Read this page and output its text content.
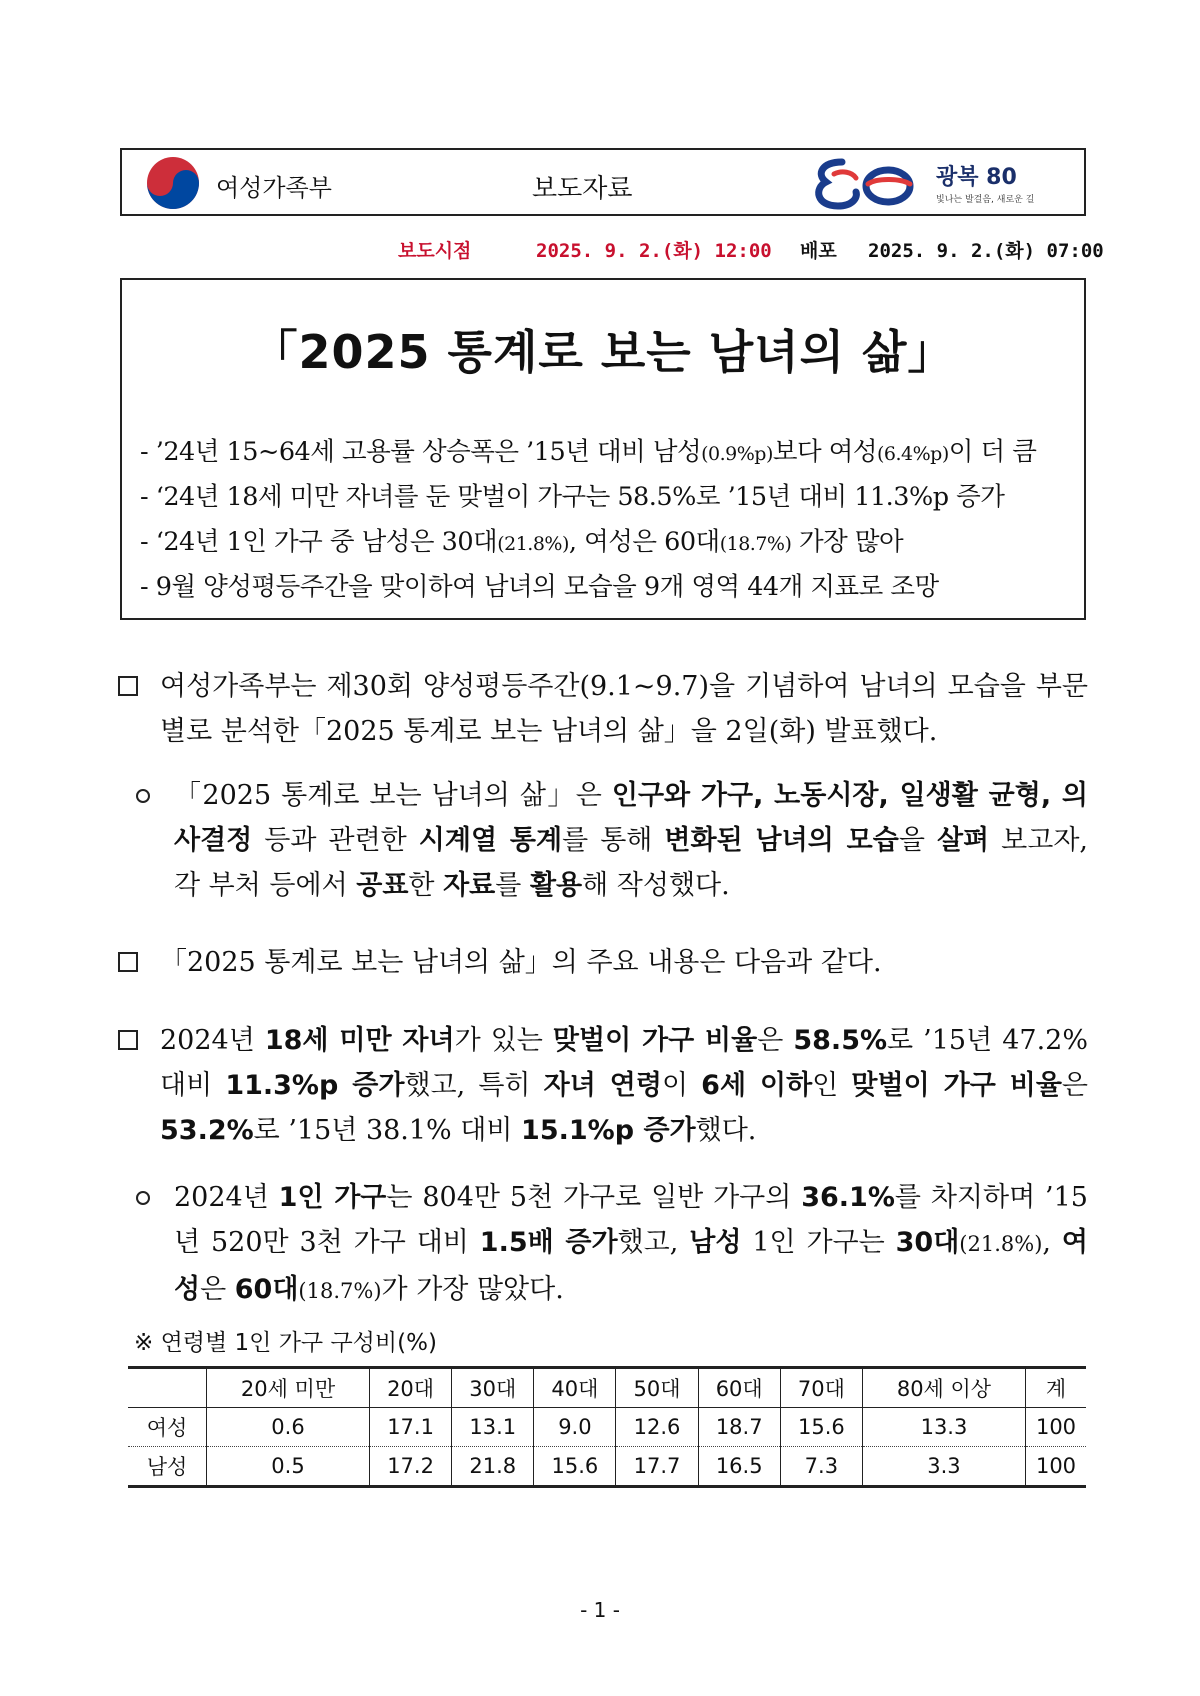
여성가족부	보도자료	광복 80
빛나는 발걸음, 새로운 길
보도시점	2025. 9. 2.(화) 12:00 배포 2025. 9. 2.(화) 07:00
「2025 통계로 보는 남녀의 삶」
- ’24년 15~64세 고용률 상승폭은 ’15년 대비 남성(0.9%p)보다 여성(6.4%p)이 더 큼
- ‘24년 18세 미만 자녀를 둔 맞벌이 가구는 58.5%로 ’15년 대비 11.3%p 증가
- ‘24년 1인 가구 중 남성은 30대(21.8%), 여성은 60대(18.7%) 가장 많아
- 9월 양성평등주간을 맞이하여 남녀의 모습을 9개 영역 44개 지표로 조망
여성가족부는 제30회 양성평등주간(9.1~9.7)을 기념하여 남녀의 모습을 부문별로 분석한「2025 통계로 보는 남녀의 삶」을 2일(화) 발표했다.
「2025 통계로 보는 남녀의 삶」은 인구와 가구, 노동시장, 일생활 균형, 의사결정 등과 관련한 시계열 통계를 통해 변화된 남녀의 모습을 살펴 보고자, 각 부처 등에서 공표한 자료를 활용해 작성했다.
「2025 통계로 보는 남녀의 삶」의 주요 내용은 다음과 같다.
2024년 18세 미만 자녀가 있는 맞벌이 가구 비율은 58.5%로 ’15년 47.2% 대비 11.3%p 증가했고, 특히 자녀 연령이 6세 이하인 맞벌이 가구 비율은 53.2%로 ’15년 38.1% 대비 15.1%p 증가했다.
2024년 1인 가구는 804만 5천 가구로 일반 가구의 36.1%를 차지하며 ’15년 520만 3천 가구 대비 1.5배 증가했고, 남성 1인 가구는 30대(21.8%), 여성은 60대(18.7%)가 가장 많았다.
※ 연령별 1인 가구 구성비(%)
	20세 미만	20대	30대	40대	50대	60대	70대	80세 이상	계
여성	0.6	17.1	13.1	9.0	12.6	18.7	15.6	13.3	100
남성	0.5	17.2	21.8	15.6	17.7	16.5	7.3	3.3	100
- 1 -
